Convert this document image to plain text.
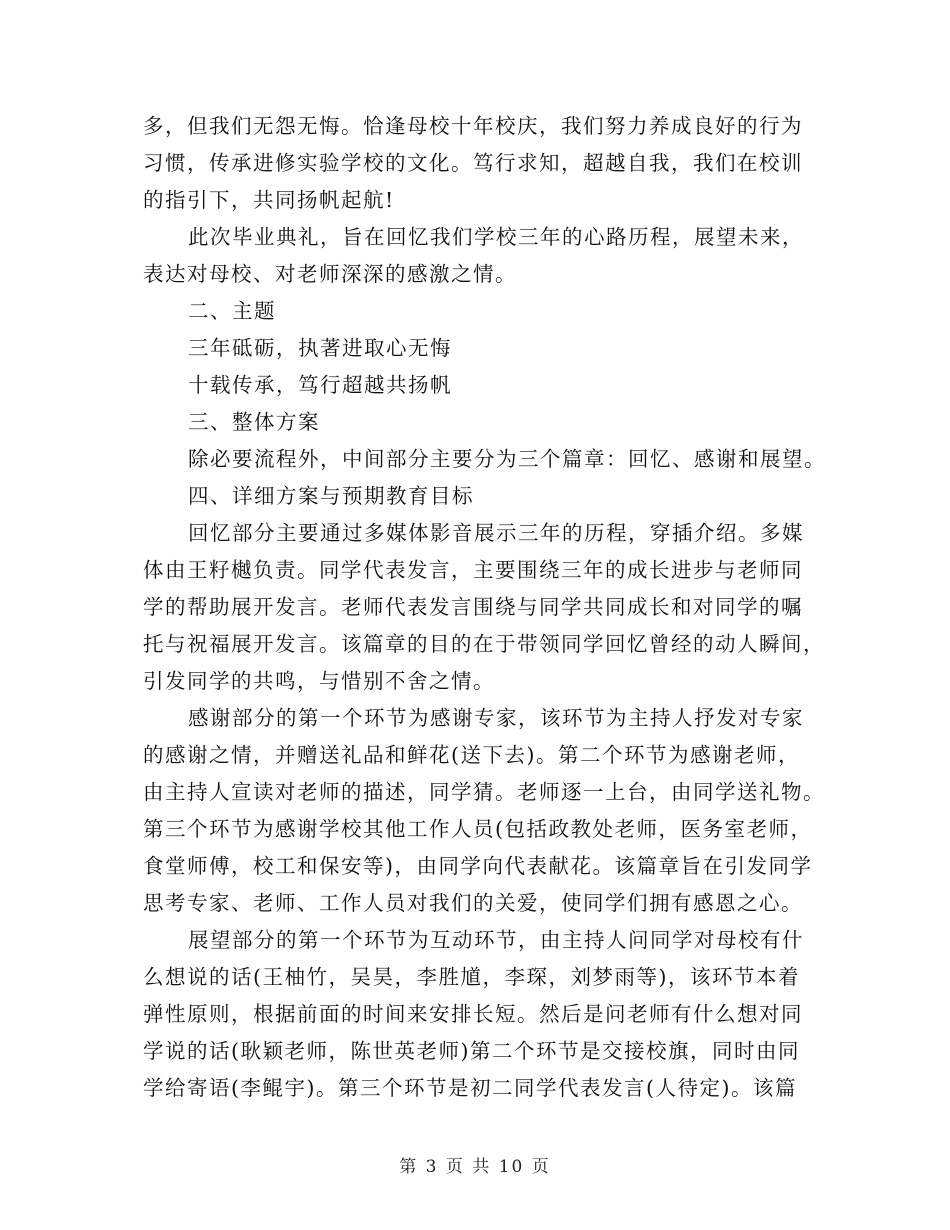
多，但我们无怨无悔。恰逢母校十年校庆，我们努力养成良好的行为
习惯，传承进修实验学校的文化。笃行求知，超越自我，我们在校训
的指引下，共同扬帆起航!
此次毕业典礼，旨在回忆我们学校三年的心路历程，展望未来，
表达对母校、对老师深深的感激之情。
二、主题
三年砥砺，执著进取心无悔
十载传承，笃行超越共扬帆
三、整体方案
除必要流程外，中间部分主要分为三个篇章：回忆、感谢和展望。
四、详细方案与预期教育目标
回忆部分主要通过多媒体影音展示三年的历程，穿插介绍。多媒
体由王籽樾负责。同学代表发言，主要围绕三年的成长进步与老师同
学的帮助展开发言。老师代表发言围绕与同学共同成长和对同学的嘱
托与祝福展开发言。该篇章的目的在于带领同学回忆曾经的动人瞬间，
引发同学的共鸣，与惜别不舍之情。
感谢部分的第一个环节为感谢专家，该环节为主持人抒发对专家
的感谢之情，并赠送礼品和鲜花(送下去)。第二个环节为感谢老师，
由主持人宣读对老师的描述，同学猜。老师逐一上台，由同学送礼物。
第三个环节为感谢学校其他工作人员(包括政教处老师，医务室老师，
食堂师傅，校工和保安等)，由同学向代表献花。该篇章旨在引发同学
思考专家、老师、工作人员对我们的关爱，使同学们拥有感恩之心。
展望部分的第一个环节为互动环节，由主持人问同学对母校有什
么想说的话(王柚竹，吴昊，李胜馗，李琛，刘梦雨等)，该环节本着
弹性原则，根据前面的时间来安排长短。然后是问老师有什么想对同
学说的话(耿颖老师，陈世英老师)第二个环节是交接校旗，同时由同
学给寄语(李鲲宇)。第三个环节是初二同学代表发言(人待定)。该篇
第 3 页 共 10 页
